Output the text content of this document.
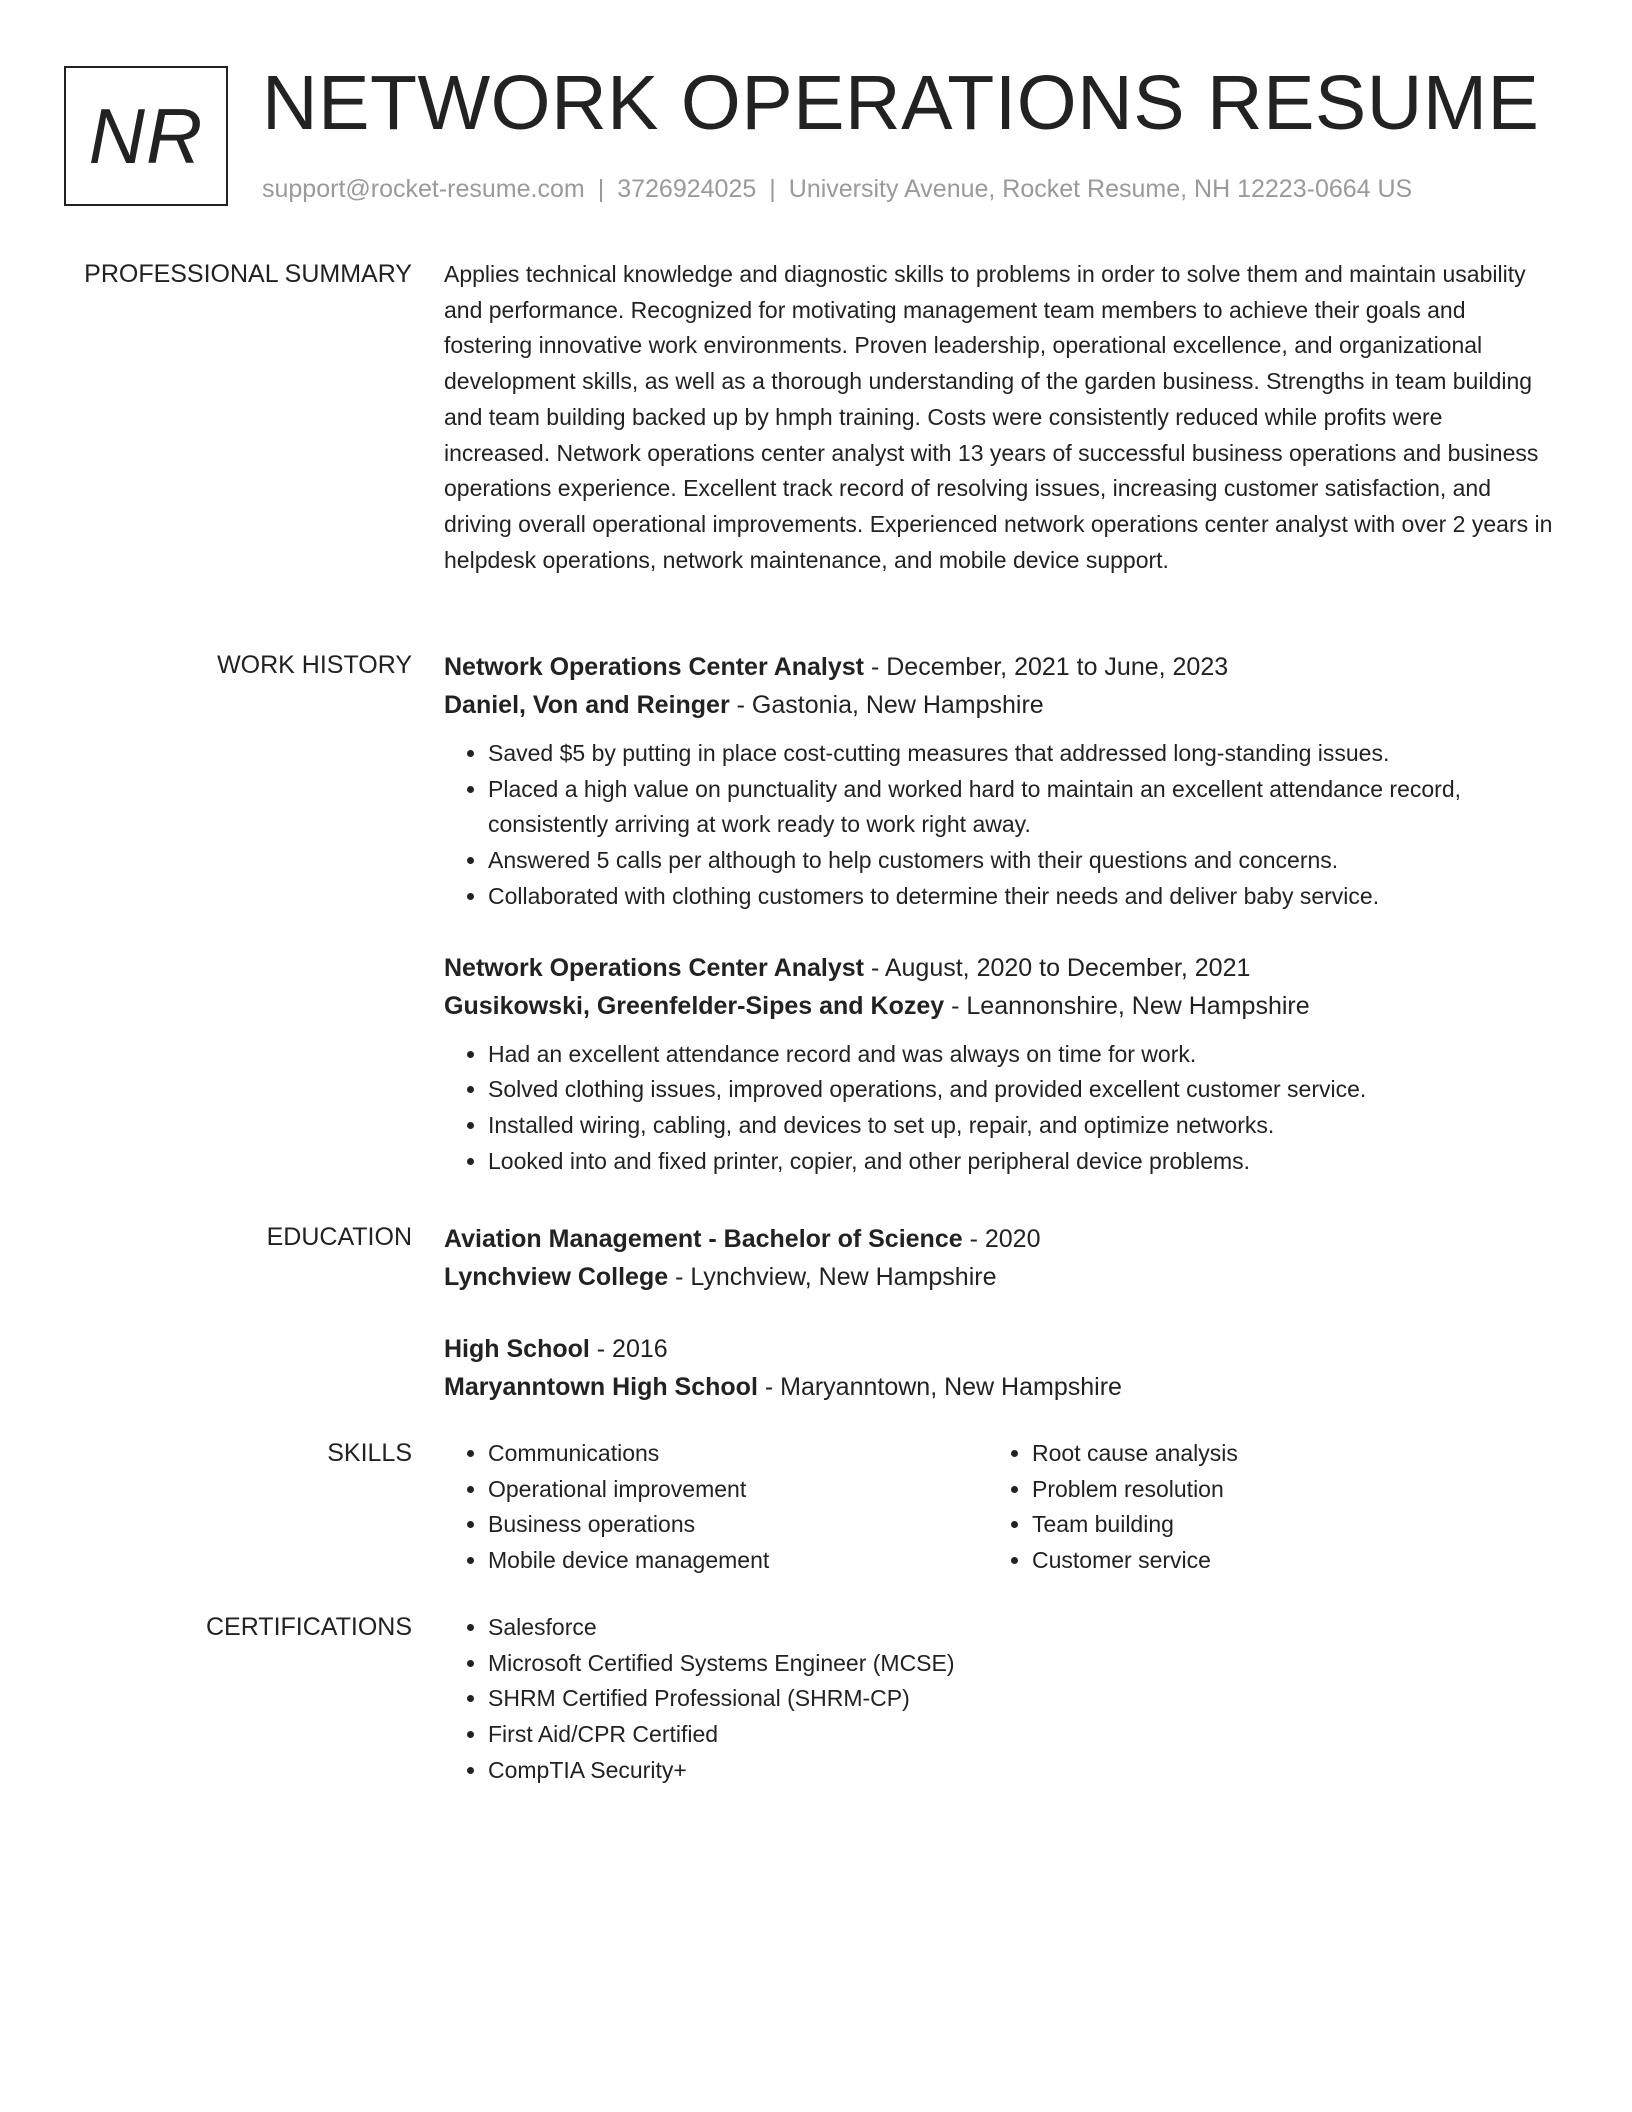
NR NETWORK OPERATIONS RESUME
support@rocket-resume.com | 3726924025 | University Avenue, Rocket Resume, NH 12223-0664 US
PROFESSIONAL SUMMARY Applies technical knowledge and diagnostic skills to problems in order to solve them and maintain usability and performance. Recognized for motivating management team members to achieve their goals and fostering innovative work environments. Proven leadership, operational excellence, and organizational development skills, as well as a thorough understanding of the garden business. Strengths in team building and team building backed up by hmph training. Costs were consistently reduced while profits were increased. Network operations center analyst with 13 years of successful business operations and business operations experience. Excellent track record of resolving issues, increasing customer satisfaction, and driving overall operational improvements. Experienced network operations center analyst with over 2 years in helpdesk operations, network maintenance, and mobile device support.

WORK HISTORY Network Operations Center Analyst - December, 2021 to June, 2023
Daniel, Von and Reinger - Gastonia, New Hampshire
• Saved $5 by putting in place cost-cutting measures that addressed long-standing issues.
• Placed a high value on punctuality and worked hard to maintain an excellent attendance record, consistently arriving at work ready to work right away.
• Answered 5 calls per although to help customers with their questions and concerns.
• Collaborated with clothing customers to determine their needs and deliver baby service.
Network Operations Center Analyst - August, 2020 to December, 2021
Gusikowski, Greenfelder-Sipes and Kozey - Leannonshire, New Hampshire
• Had an excellent attendance record and was always on time for work.
• Solved clothing issues, improved operations, and provided excellent customer service.
• Installed wiring, cabling, and devices to set up, repair, and optimize networks.
• Looked into and fixed printer, copier, and other peripheral device problems.
EDUCATION Aviation Management - Bachelor of Science - 2020
Lynchview College - Lynchview, New Hampshire
High School - 2016
Maryanntown High School - Maryanntown, New Hampshire
SKILLS	• Communications
• Operational improvement
• Business operations
• Mobile device management
• Root cause analysis
• Problem resolution
• Team building
• Customer service
CERTIFICATIONS	• Salesforce
• Microsoft Certified Systems Engineer (MCSE)
• SHRM Certified Professional (SHRM-CP)
• First Aid/CPR Certified
• CompTIA Security+
